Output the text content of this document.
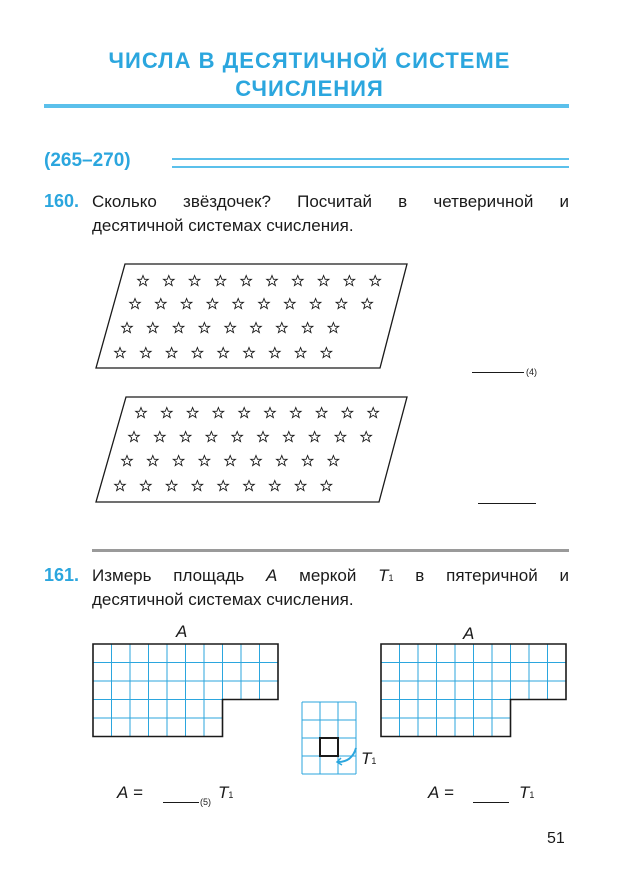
ЧИСЛА В ДЕСЯТИЧНОЙ СИСТЕМЕ
СЧИСЛЕНИЯ
(265–270)
160. Сколько звёздочек? Посчитай в четверичной и
десятичной системах счисления.
(4)
161. Измерь площадь A меркой T1 в пятеричной и
десятичной системах счисления.
A	A
T1
A =	(5) T1	A =	T1
51
